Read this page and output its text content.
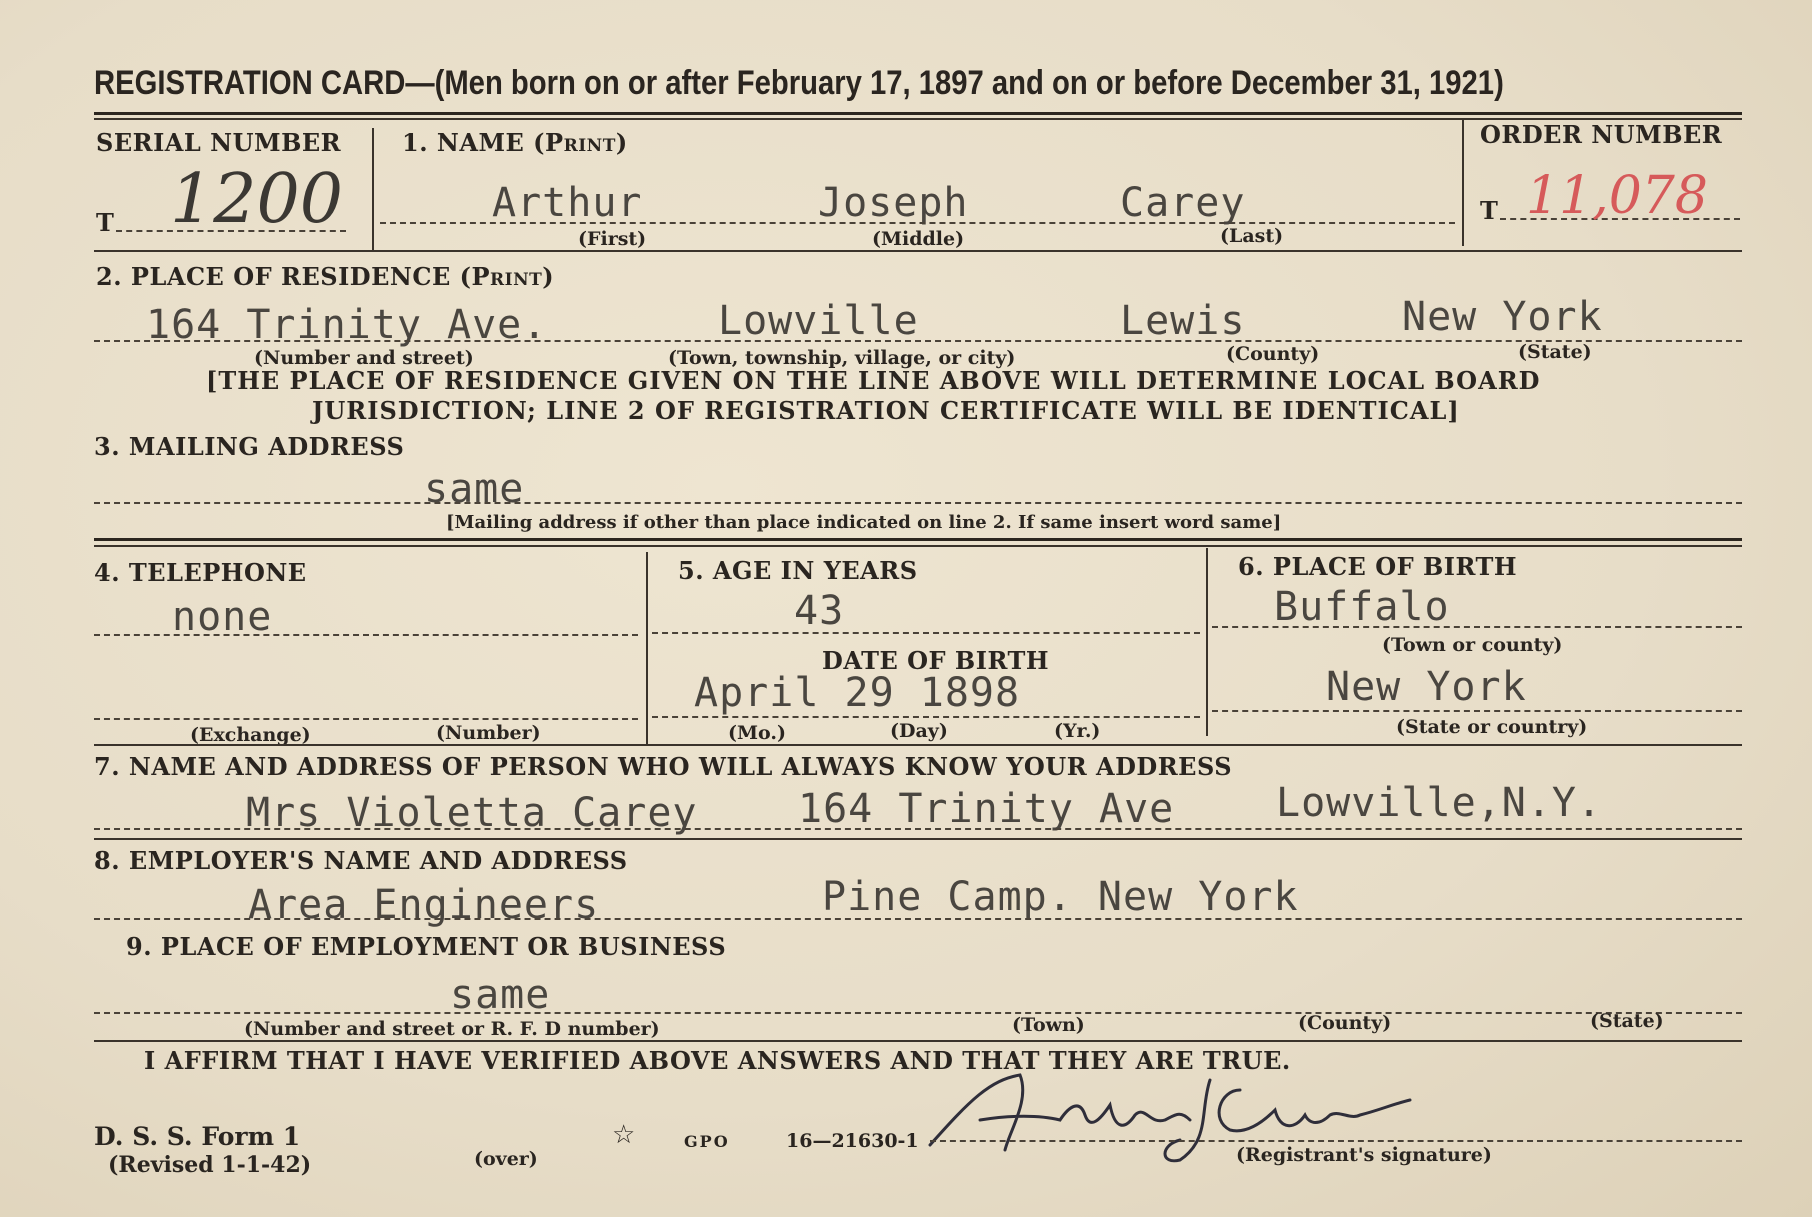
REGISTRATION CARD—(Men born on or after February 17, 1897 and on or before December 31, 1921)
SERIAL NUMBER
T 1200
1. NAME (Print)
Arthur	Joseph	Carey
(First)	(Middle)	(Last)
ORDER NUMBER
T 11,078
2. PLACE OF RESIDENCE (Print)
164 Trinity Ave.	Lowville	Lewis	New York
(Number and street)	(Town, township, village, or city)	(County)	(State)
[THE PLACE OF RESIDENCE GIVEN ON THE LINE ABOVE WILL DETERMINE LOCAL BOARD
JURISDICTION; LINE 2 OF REGISTRATION CERTIFICATE WILL BE IDENTICAL]
3. MAILING ADDRESS
same
[Mailing address if other than place indicated on line 2. If same insert word same]
4. TELEPHONE
none
(Exchange)	(Number)
5. AGE IN YEARS
43
DATE OF BIRTH
April 29 1898
(Mo.)	(Day)	(Yr.)
6. PLACE OF BIRTH
Buffalo
(Town or county)
New York
(State or country)
7. NAME AND ADDRESS OF PERSON WHO WILL ALWAYS KNOW YOUR ADDRESS
Mrs Violetta Carey	164 Trinity Ave	Lowville,N.Y.
8. EMPLOYER'S NAME AND ADDRESS
Area Engineers	Pine Camp. New York
9. PLACE OF EMPLOYMENT OR BUSINESS
same
(Number and street or R. F. D number)	(Town)	(County)	(State)
I AFFIRM THAT I HAVE VERIFIED ABOVE ANSWERS AND THAT THEY ARE TRUE.
(Registrant's signature)
D. S. S. Form 1
(Revised 1-1-42)	(over)
☆	GPO	16—21630-1
